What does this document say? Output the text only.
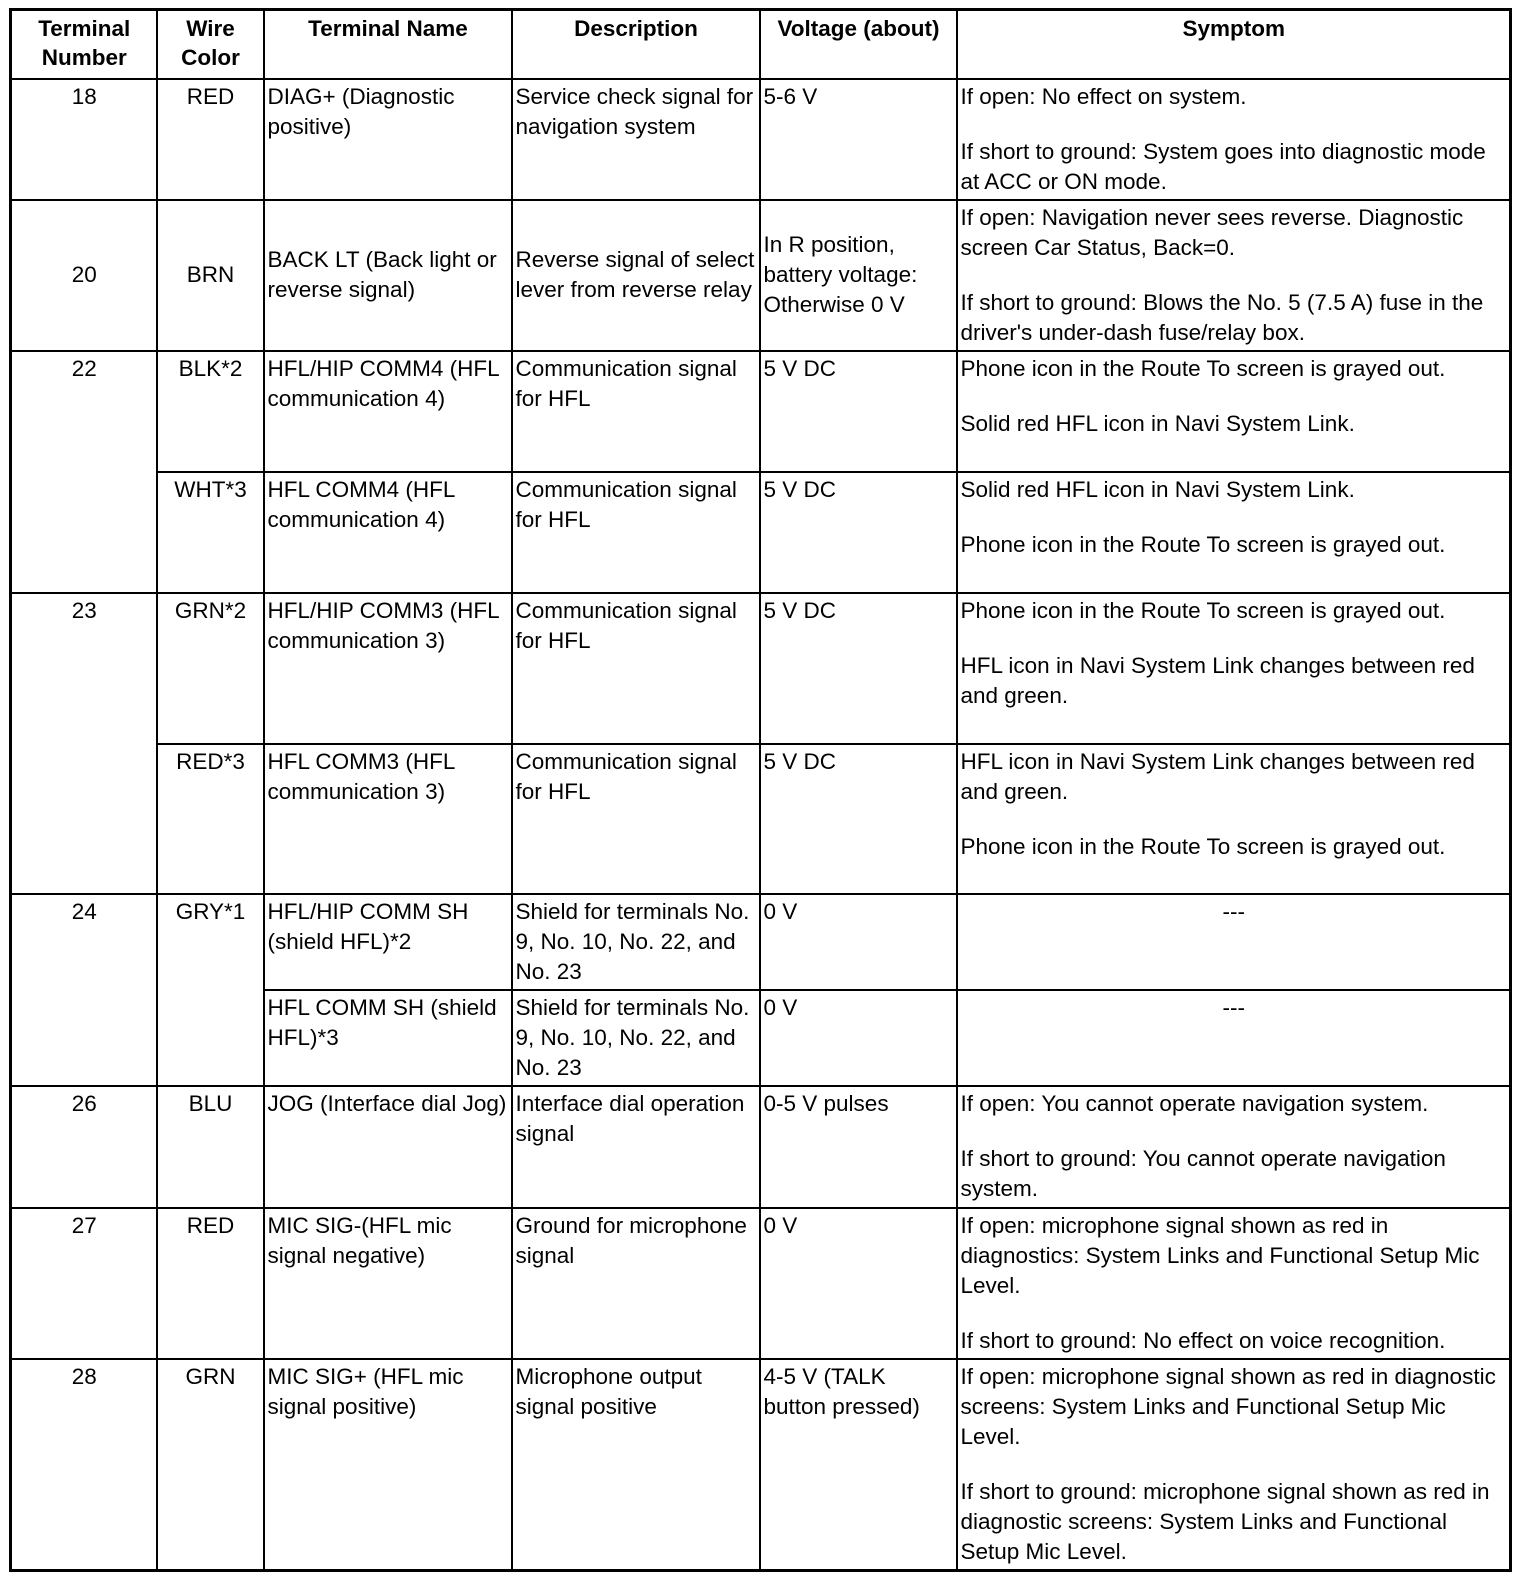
Terminal Number	Wire Color	Terminal Name	Description	Voltage (about)	Symptom
18	RED	DIAG+ (Diagnostic positive)	Service check signal for navigation system	5-6 V	If open: No effect on system.

If short to ground: System goes into diagnostic mode at ACC or ON mode.

20	BRN	BACK LT (Back light or reverse signal)	Reverse signal of select lever from reverse relay	In R position, battery voltage: Otherwise 0 V	If open: Navigation never sees reverse. Diagnostic screen Car Status, Back=0.

If short to ground: Blows the No. 5 (7.5 A) fuse in the driver's under-dash fuse/relay box.

22	BLK*2	HFL/HIP COMM4 (HFL communication 4)	Communication signal for HFL	5 V DC	Phone icon in the Route To screen is grayed out.

Solid red HFL icon in Navi System Link.

	WHT*3	HFL COMM4 (HFL communication 4)	Communication signal for HFL	5 V DC	Solid red HFL icon in Navi System Link.

Phone icon in the Route To screen is grayed out.

23	GRN*2	HFL/HIP COMM3 (HFL communication 3)	Communication signal for HFL	5 V DC	Phone icon in the Route To screen is grayed out.

HFL icon in Navi System Link changes between red and green.

	RED*3	HFL COMM3 (HFL communication 3)	Communication signal for HFL	5 V DC	HFL icon in Navi System Link changes between red and green.

Phone icon in the Route To screen is grayed out.

24	GRY*1	HFL/HIP COMM SH (shield HFL)*2	Shield for terminals No. 9, No. 10, No. 22, and No. 23	0 V	---
		HFL COMM SH (shield HFL)*3	Shield for terminals No. 9, No. 10, No. 22, and No. 23	0 V	---
26	BLU	JOG (Interface dial Jog)	Interface dial operation signal	0-5 V pulses	If open: You cannot operate navigation system.

If short to ground: You cannot operate navigation system.

27	RED	MIC SIG-(HFL mic signal negative)	Ground for microphone signal	0 V	If open: microphone signal shown as red in diagnostics: System Links and Functional Setup Mic Level.

If short to ground: No effect on voice recognition.

28	GRN	MIC SIG+ (HFL mic signal positive)	Microphone output signal positive	4-5 V (TALK button pressed)	If open: microphone signal shown as red in diagnostic screens: System Links and Functional Setup Mic Level.

If short to ground: microphone signal shown as red in diagnostic screens: System Links and Functional Setup Mic Level.
